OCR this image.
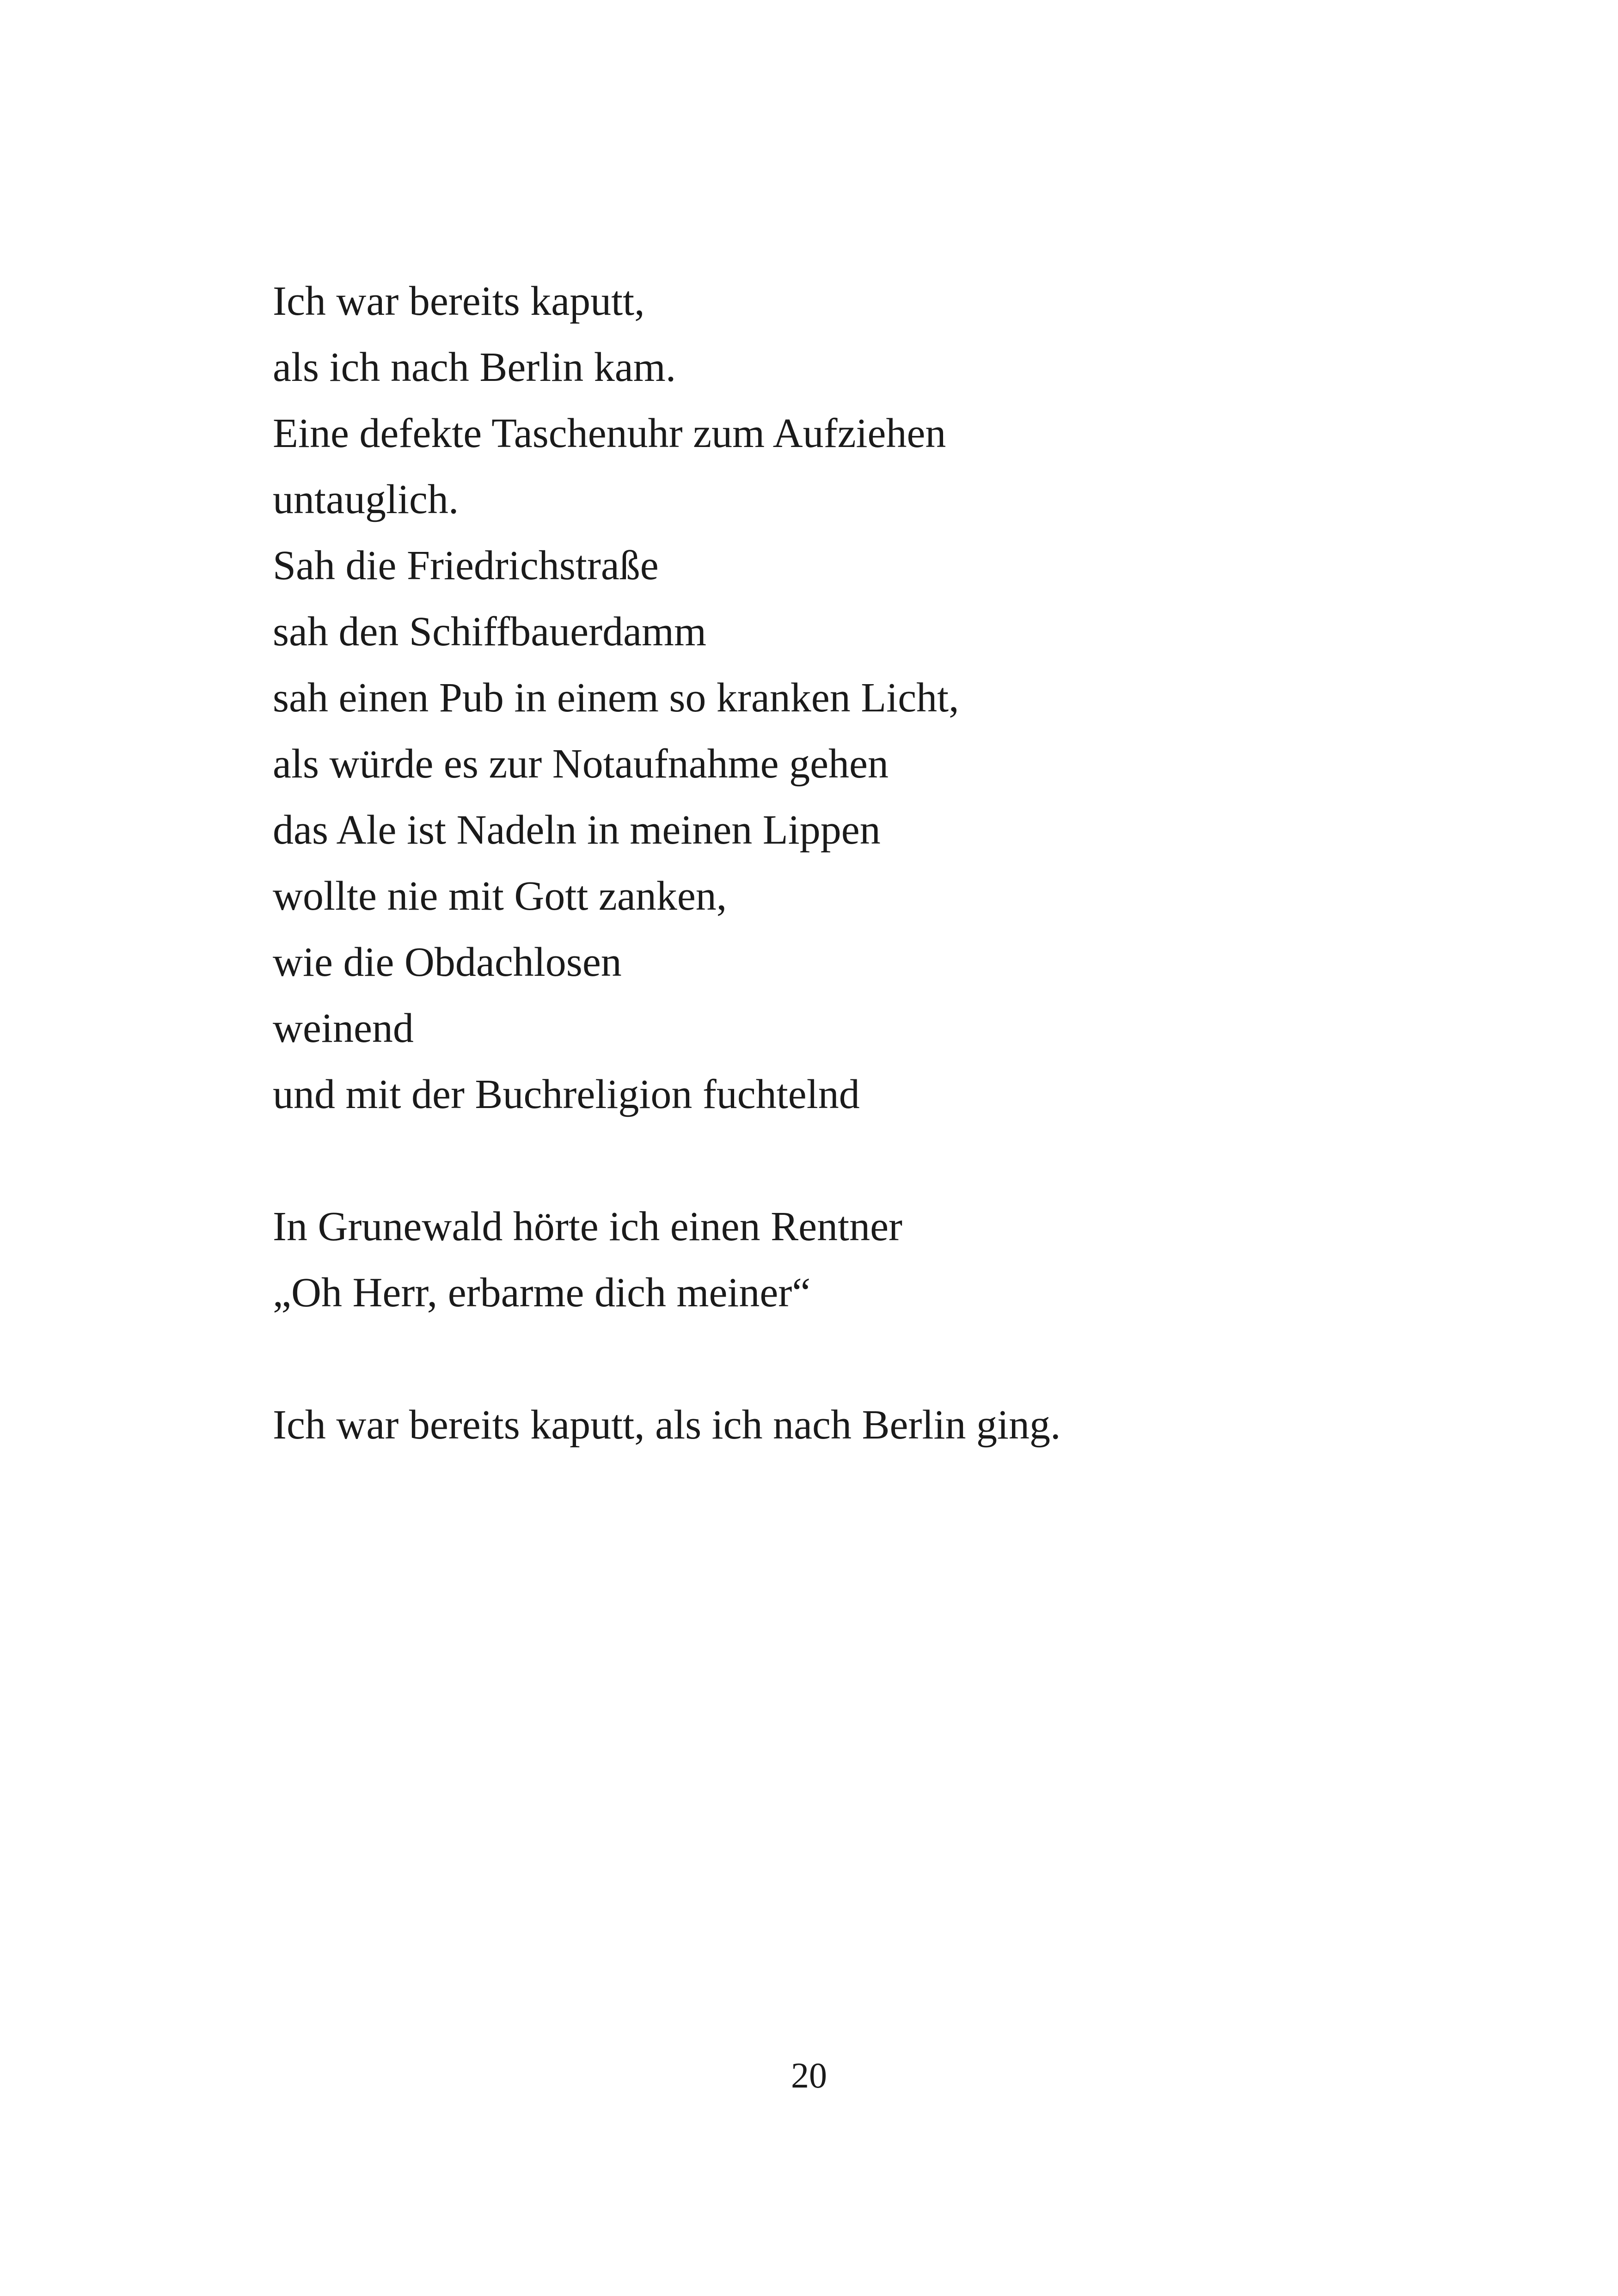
Ich war bereits kaputt,
als ich nach Berlin kam.
Eine defekte Taschenuhr zum Aufziehen
untauglich.
Sah die Friedrichstraße
sah den Schiffbauerdamm
sah einen Pub in einem so kranken Licht,
als würde es zur Notaufnahme gehen
das Ale ist Nadeln in meinen Lippen
wollte nie mit Gott zanken,
wie die Obdachlosen
weinend
und mit der Buchreligion fuchtelnd
In Grunewald hörte ich einen Rentner
„Oh Herr, erbarme dich meiner“
Ich war bereits kaputt, als ich nach Berlin ging.
20
